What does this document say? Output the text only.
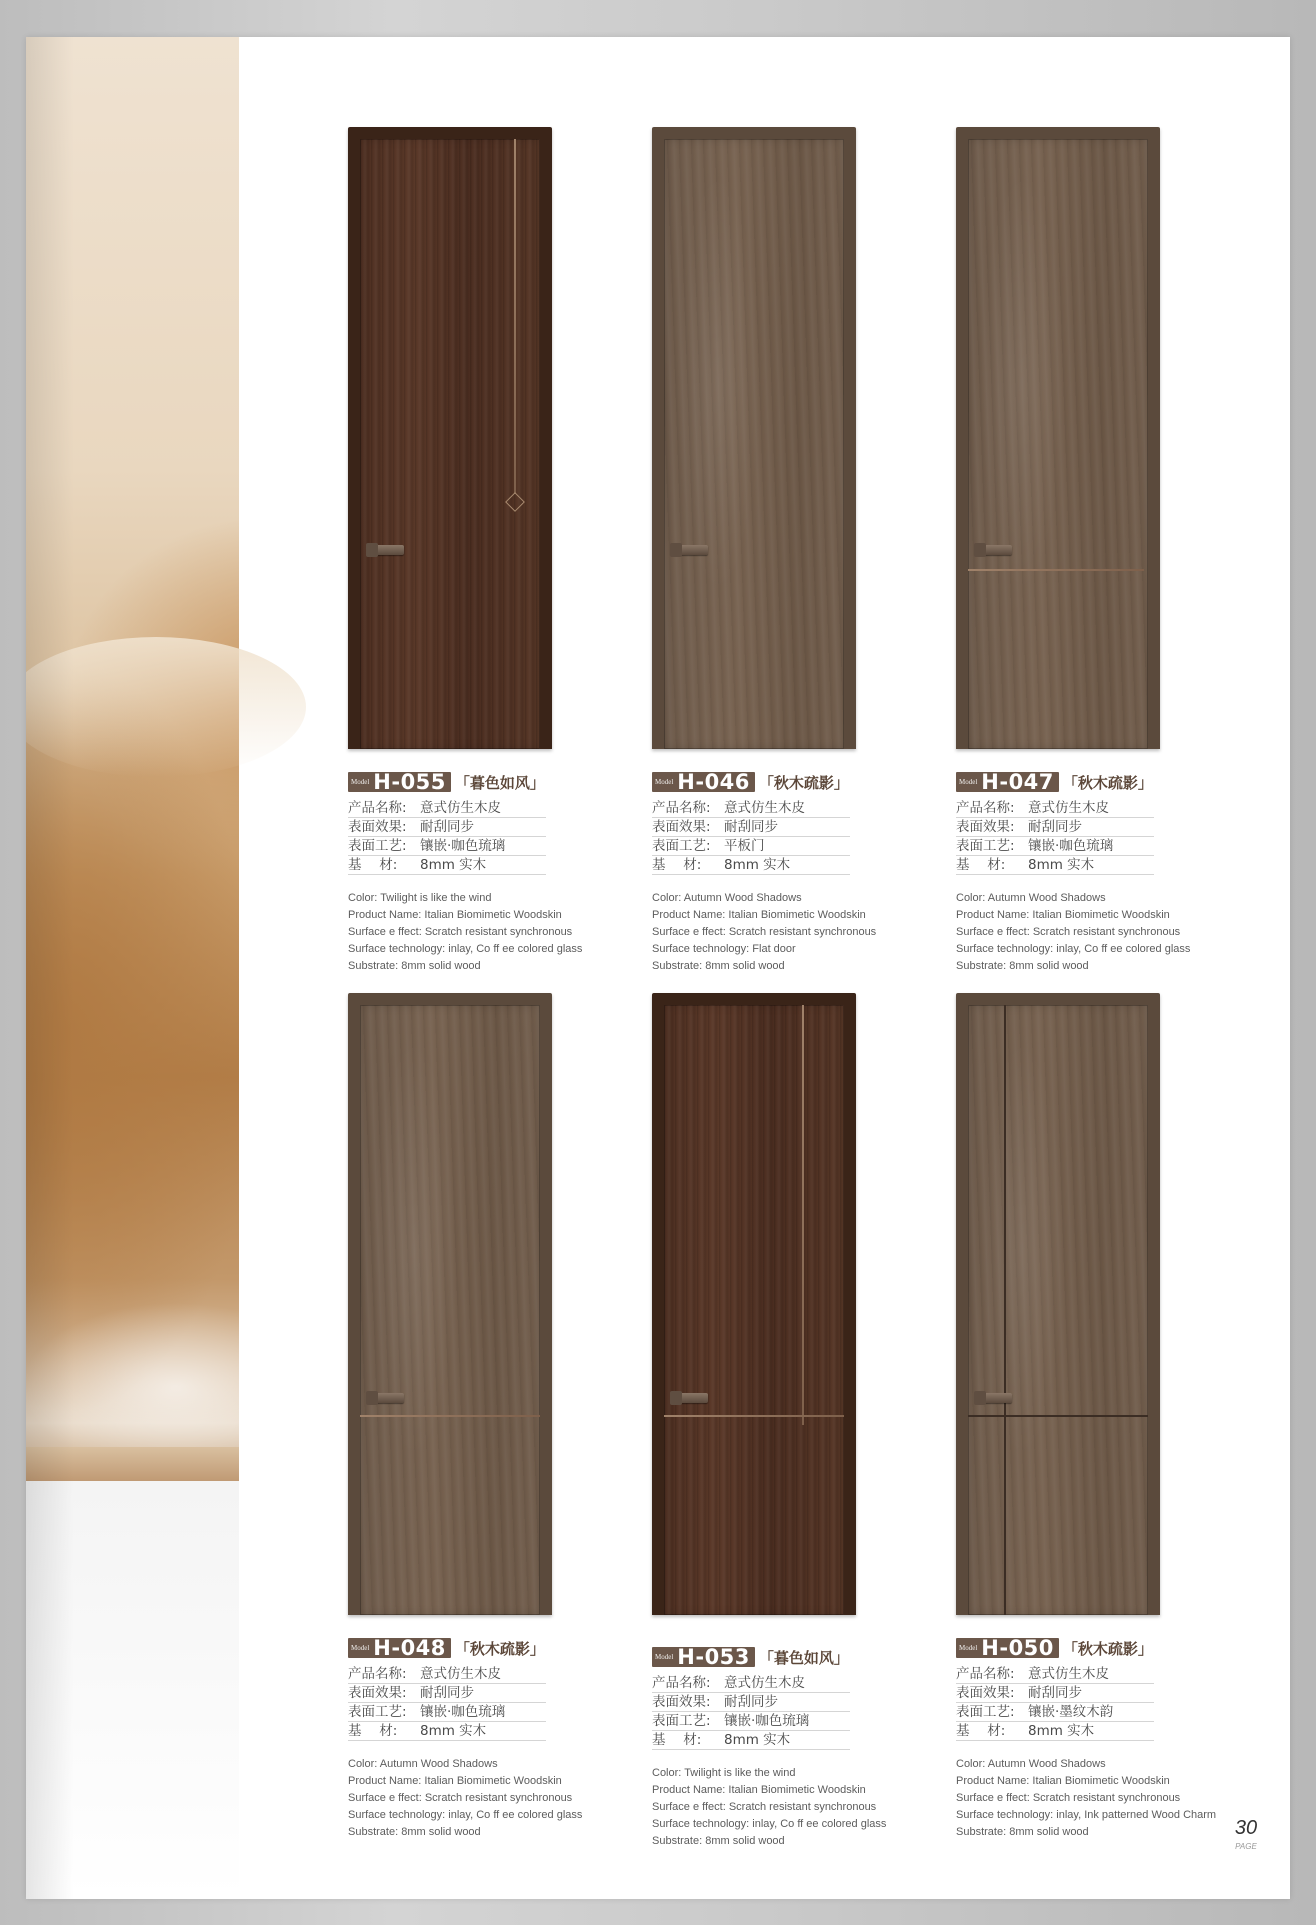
Model H-055 「暮色如风」
产品名称: 意式仿生木皮
表面效果: 耐刮同步
表面工艺: 镶嵌·咖色琉璃
基　 材: 8mm 实木
Color: Twilight is like the wind
Product Name: Italian Biomimetic Woodskin
Surface e ffect: Scratch resistant synchronous
Surface technology: inlay, Co ff ee colored glass
Substrate: 8mm solid wood
Model H-046 「秋木疏影」
产品名称: 意式仿生木皮
表面效果: 耐刮同步
表面工艺: 平板门
基　 材: 8mm 实木
Color: Autumn Wood Shadows
Product Name: Italian Biomimetic Woodskin
Surface e ffect: Scratch resistant synchronous
Surface technology: Flat door
Substrate: 8mm solid wood
Model H-047 「秋木疏影」
产品名称: 意式仿生木皮
表面效果: 耐刮同步
表面工艺: 镶嵌·咖色琉璃
基　 材: 8mm 实木
Color: Autumn Wood Shadows
Product Name: Italian Biomimetic Woodskin
Surface e ffect: Scratch resistant synchronous
Surface technology: inlay, Co ff ee colored glass
Substrate: 8mm solid wood
Model H-048 「秋木疏影」
产品名称: 意式仿生木皮
表面效果: 耐刮同步
表面工艺: 镶嵌·咖色琉璃
基　 材: 8mm 实木
Color: Autumn Wood Shadows
Product Name: Italian Biomimetic Woodskin
Surface e ffect: Scratch resistant synchronous
Surface technology: inlay, Co ff ee colored glass
Substrate: 8mm solid wood
Model H-053 「暮色如风」
产品名称: 意式仿生木皮
表面效果: 耐刮同步
表面工艺: 镶嵌·咖色琉璃
基　 材: 8mm 实木
Color: Twilight is like the wind
Product Name: Italian Biomimetic Woodskin
Surface e ffect: Scratch resistant synchronous
Surface technology: inlay, Co ff ee colored glass
Substrate: 8mm solid wood
Model H-050 「秋木疏影」
产品名称: 意式仿生木皮
表面效果: 耐刮同步
表面工艺: 镶嵌·墨纹木韵
基　 材: 8mm 实木
Color: Autumn Wood Shadows
Product Name: Italian Biomimetic Woodskin
Surface e ffect: Scratch resistant synchronous
Surface technology: inlay, Ink patterned Wood Charm
Substrate: 8mm solid wood	30
PAGE
